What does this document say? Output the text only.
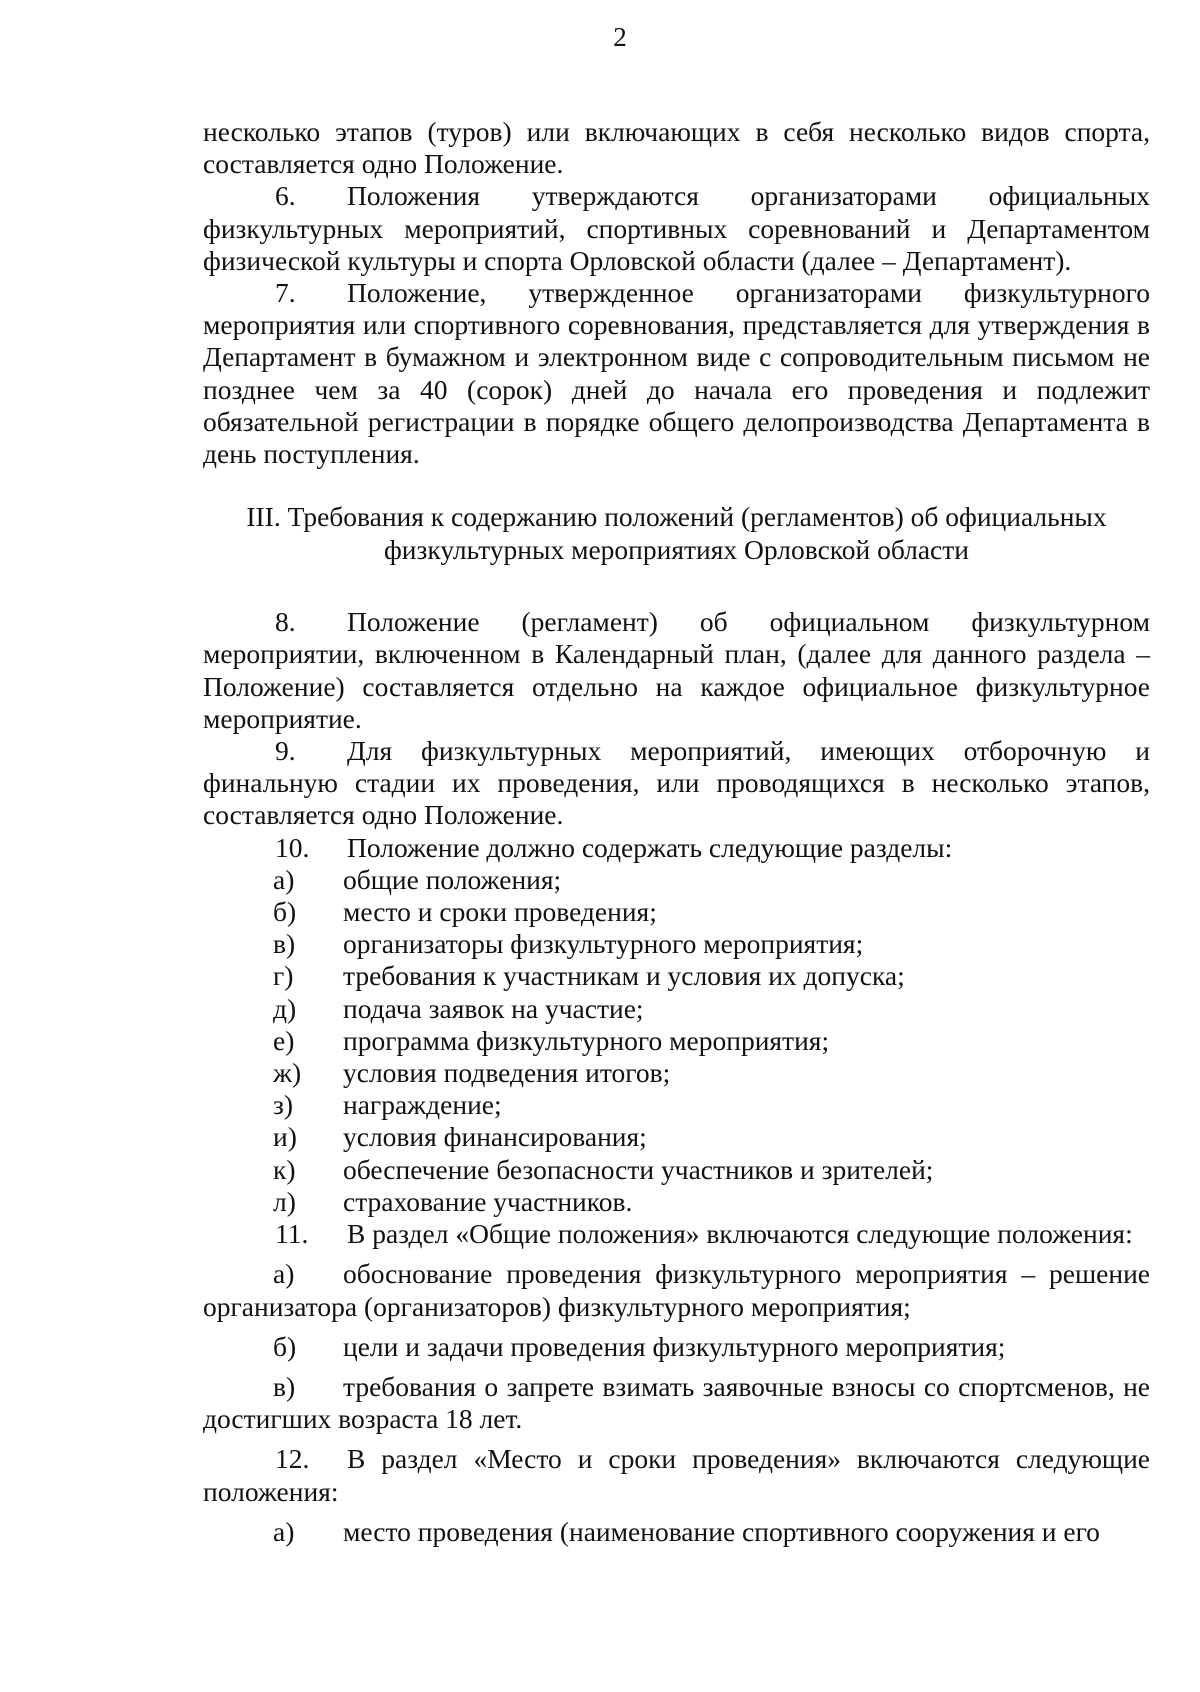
2

несколько этапов (туров) или включающих в себя несколько видов спорта, составляется одно Положение.

6. Положения утверждаются организаторами официальных физкультурных мероприятий, спортивных соревнований и Департаментом физической культуры и спорта Орловской области (далее – Департамент).

7. Положение, утвержденное организаторами физкультурного мероприятия или спортивного соревнования, представляется для утверждения в Департамент в бумажном и электронном виде с сопроводительным письмом не позднее чем за 40 (сорок) дней до начала его проведения и подлежит обязательной регистрации в порядке общего делопроизводства Департамента в день поступления.

III. Требования к содержанию положений (регламентов) об официальных
физкультурных мероприятиях Орловской области

8. Положение (регламент) об официальном физкультурном мероприятии, включенном в Календарный план, (далее для данного раздела – Положение) составляется отдельно на каждое официальное физкультурное мероприятие.

9. Для физкультурных мероприятий, имеющих отборочную и финальную стадии их проведения, или проводящихся в несколько этапов, составляется одно Положение.

10. Положение должно содержать следующие разделы:

а) общие положения;
б) место и сроки проведения;
в) организаторы физкультурного мероприятия;
г) требования к участникам и условия их допуска;
д) подача заявок на участие;
е) программа физкультурного мероприятия;
ж) условия подведения итогов;
з) награждение;
и) условия финансирования;
к) обеспечение безопасности участников и зрителей;
л) страхование участников.

11. В раздел «Общие положения» включаются следующие положения:

а) обоснование проведения физкультурного мероприятия – решение организатора (организаторов) физкультурного мероприятия;

б) цели и задачи проведения физкультурного мероприятия;

в) требования о запрете взимать заявочные взносы со спортсменов, не достигших возраста 18 лет.

12. В раздел «Место и сроки проведения» включаются следующие положения:

а) место проведения (наименование спортивного сооружения и его
